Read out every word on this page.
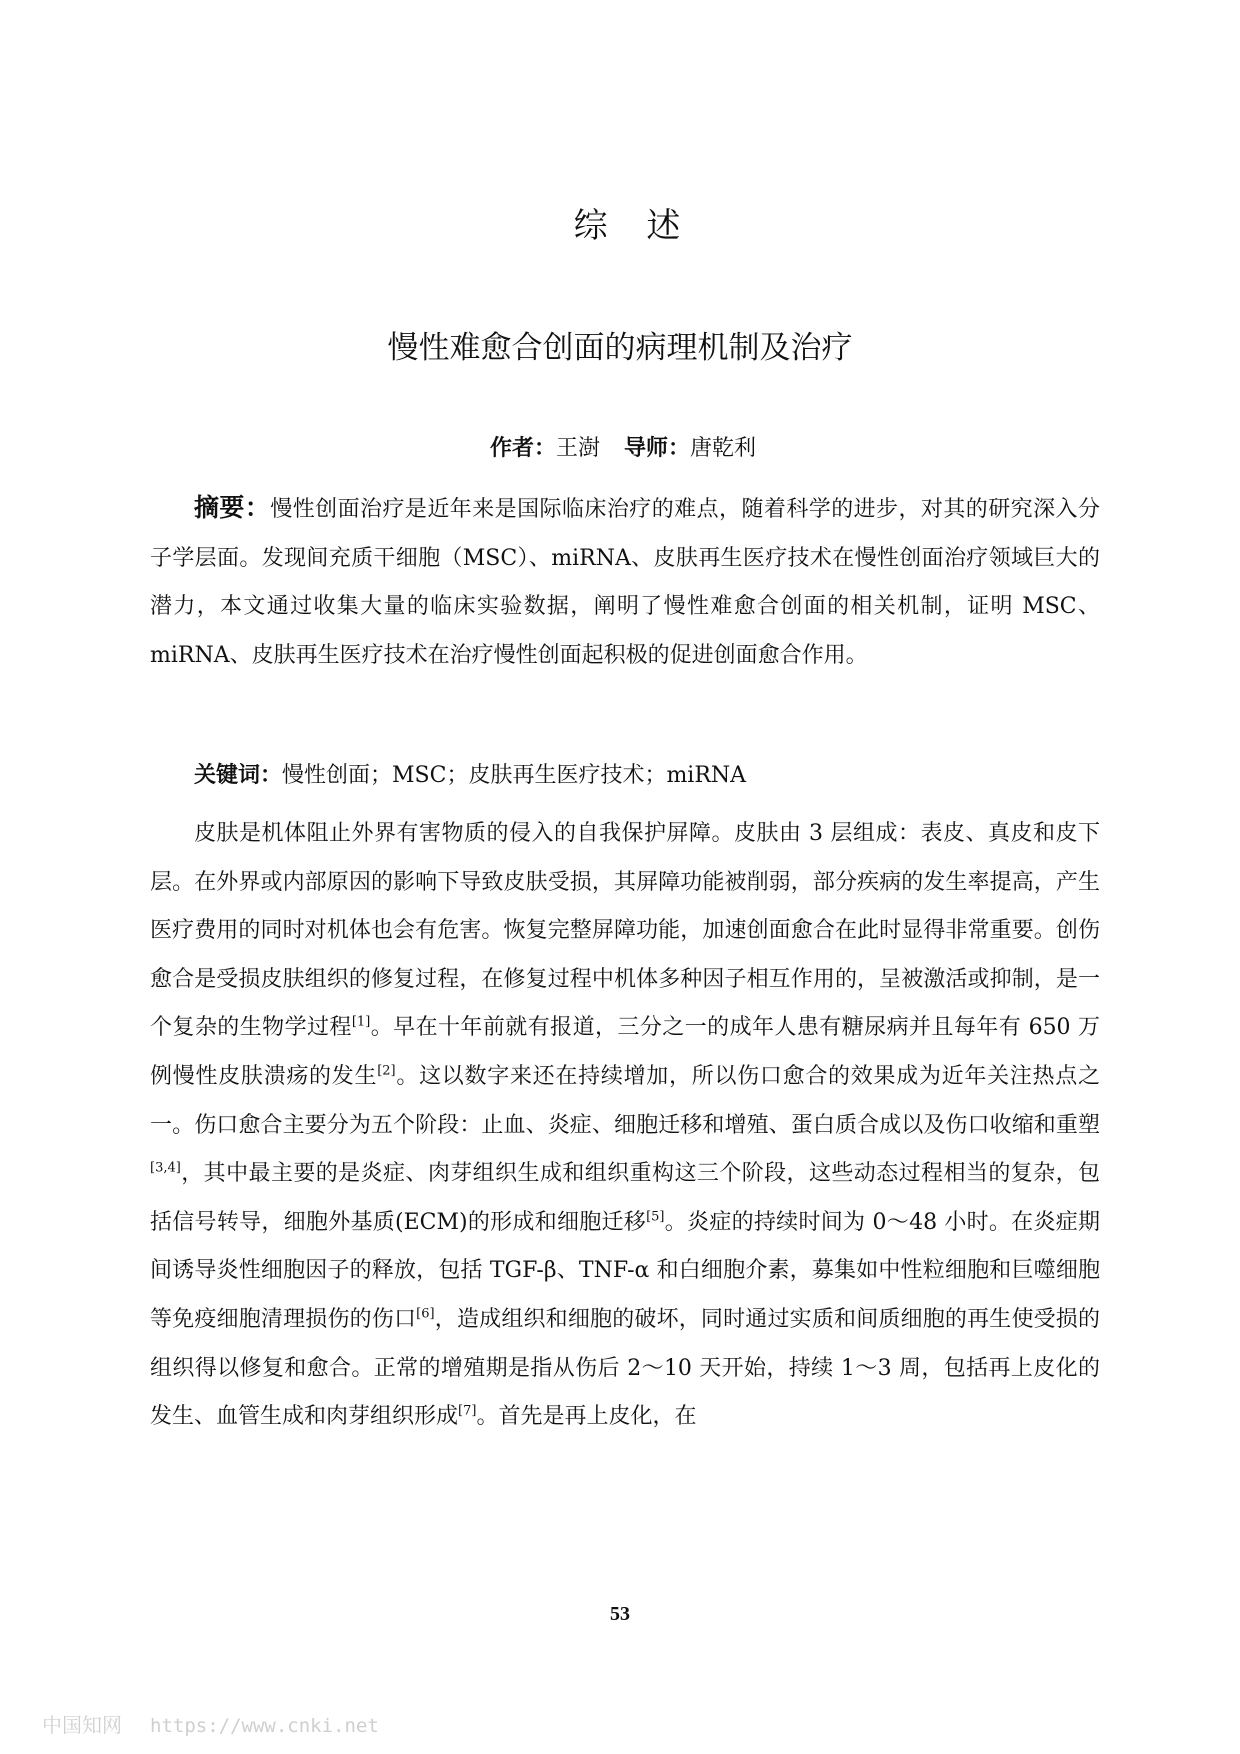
综 述
慢性难愈合创面的病理机制及治疗
作者：王澍 导师：唐乾利

摘要：慢性创面治疗是近年来是国际临床治疗的难点，随着科学的进步，对其的研究深入分子学层面。发现间充质干细胞（MSC）、miRNA、皮肤再生医疗技术在慢性创面治疗领域巨大的潜力，本文通过收集大量的临床实验数据，阐明了慢性难愈合创面的相关机制，证明 MSC、miRNA、皮肤再生医疗技术在治疗慢性创面起积极的促进创面愈合作用。

关键词：慢性创面；MSC；皮肤再生医疗技术；miRNA

皮肤是机体阻止外界有害物质的侵入的自我保护屏障。皮肤由 3 层组成：表皮、真皮和皮下层。在外界或内部原因的影响下导致皮肤受损，其屏障功能被削弱，部分疾病的发生率提高，产生医疗费用的同时对机体也会有危害。恢复完整屏障功能，加速创面愈合在此时显得非常重要。创伤愈合是受损皮肤组织的修复过程，在修复过程中机体多种因子相互作用的，呈被激活或抑制，是一个复杂的生物学过程[1]。早在十年前就有报道，三分之一的成年人患有糖尿病并且每年有 650 万例慢性皮肤溃疡的发生[2]。这以数字来还在持续增加，所以伤口愈合的效果成为近年关注热点之一。伤口愈合主要分为五个阶段：止血、炎症、细胞迁移和增殖、蛋白质合成以及伤口收缩和重塑[3,4]，其中最主要的是炎症、肉芽组织生成和组织重构这三个阶段，这些动态过程相当的复杂，包括信号转导，细胞外基质(ECM)的形成和细胞迁移[5]。炎症的持续时间为 0～48 小时。在炎症期间诱导炎性细胞因子的释放，包括 TGF-β、TNF-α 和白细胞介素，募集如中性粒细胞和巨噬细胞等免疫细胞清理损伤的伤口[6]，造成组织和细胞的破坏，同时通过实质和间质细胞的再生使受损的组织得以修复和愈合。正常的增殖期是指从伤后 2～10 天开始，持续 1～3 周，包括再上皮化的发生、血管生成和肉芽组织形成[7]。首先是再上皮化，在

53
中国知网 https://www.cnki.net
